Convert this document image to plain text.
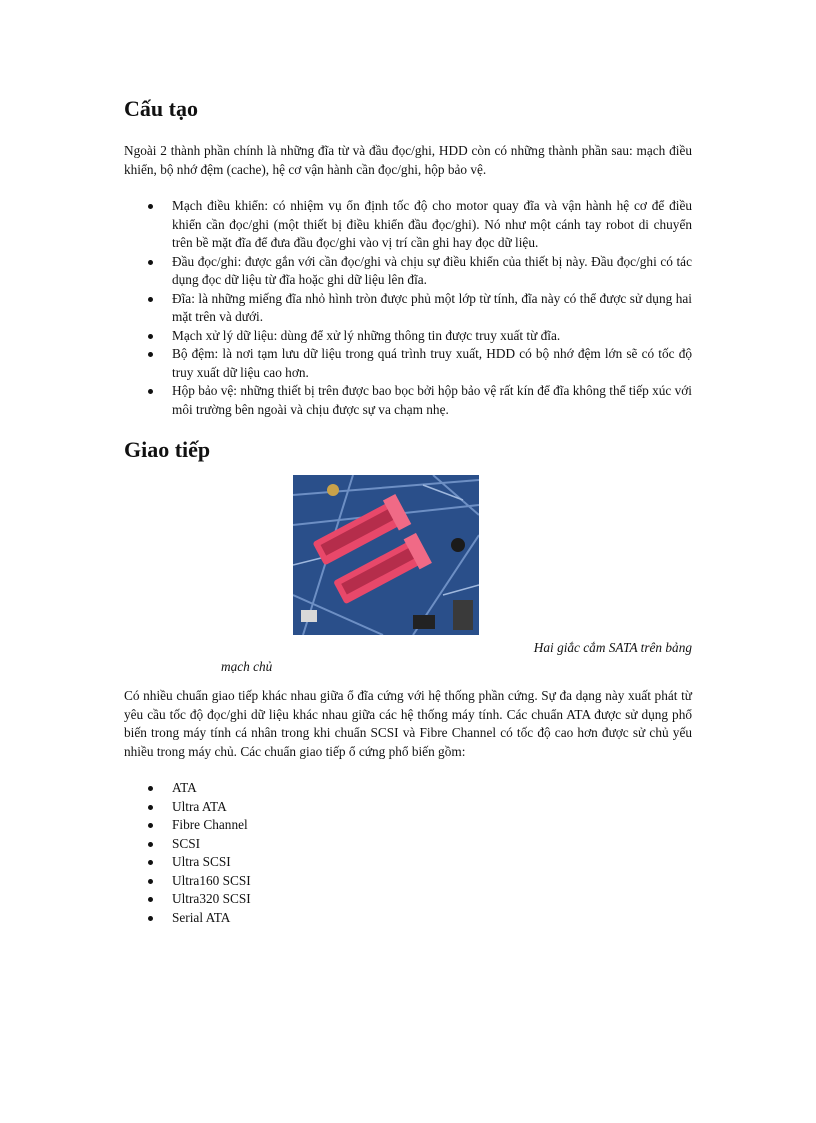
Cấu tạo

Ngoài 2 thành phần chính là những đĩa từ và đầu đọc/ghi, HDD còn có những thành phần sau: mạch điều khiển, bộ nhớ đệm (cache), hệ cơ vận hành cần đọc/ghi, hộp bảo vệ.

Mạch điều khiển: có nhiệm vụ ổn định tốc độ cho motor quay đĩa và vận hành hệ cơ để điều khiển cần đọc/ghi (một thiết bị điều khiển đầu đọc/ghi). Nó như một cánh tay robot di chuyển trên bề mặt đĩa để đưa đầu đọc/ghi vào vị trí cần ghi hay đọc dữ liệu.
Đầu đọc/ghi: được gắn với cần đọc/ghi và chịu sự điều khiển của thiết bị này. Đầu đọc/ghi có tác dụng đọc dữ liệu từ đĩa hoặc ghi dữ liệu lên đĩa.
Đĩa: là những miếng đĩa nhỏ hình tròn được phủ một lớp từ tính, đĩa này có thể được sử dụng hai mặt trên và dưới.
Mạch xử lý dữ liệu: dùng để xử lý những thông tin được truy xuất từ đĩa.
Bộ đệm: là nơi tạm lưu dữ liệu trong quá trình truy xuất, HDD có bộ nhớ đệm lớn sẽ có tốc độ truy xuất dữ liệu cao hơn.
Hộp bảo vệ: những thiết bị trên được bao bọc bởi hộp bảo vệ rất kín để đĩa không thể tiếp xúc với môi trường bên ngoài và chịu được sự va chạm nhẹ.
Giao tiếp
Hai giắc cắm SATA trên bảng
mạch chủ

Có nhiều chuẩn giao tiếp khác nhau giữa ổ đĩa cứng với hệ thống phần cứng. Sự đa dạng này xuất phát từ yêu cầu tốc độ đọc/ghi dữ liệu khác nhau giữa các hệ thống máy tính. Các chuẩn ATA được sử dụng phổ biến trong máy tính cá nhân trong khi chuẩn SCSI và Fibre Channel có tốc độ cao hơn được sử chủ yếu nhiều trong máy chủ. Các chuẩn giao tiếp ổ cứng phổ biến gồm:

ATA
Ultra ATA
Fibre Channel
SCSI
Ultra SCSI
Ultra160 SCSI
Ultra320 SCSI
Serial ATA
